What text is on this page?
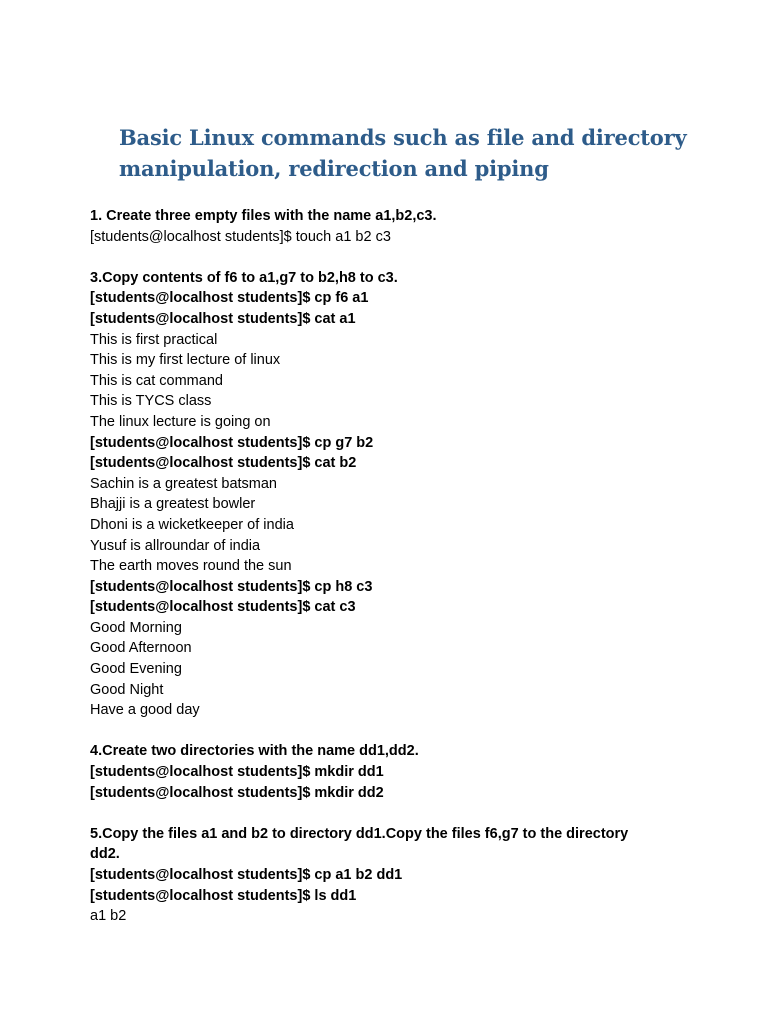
Basic Linux commands such as file and directory
manipulation, redirection and piping
1. Create three empty files with the name a1,b2,c3.
[students@localhost students]$ touch a1 b2 c3
3.Copy contents of f6 to a1,g7 to b2,h8 to c3.
[students@localhost students]$ cp f6 a1
[students@localhost students]$ cat a1
This is first practical
This is my first lecture of linux
This is cat command
This is TYCS class
The linux lecture is going on
[students@localhost students]$ cp g7 b2
[students@localhost students]$ cat b2
Sachin is a greatest batsman
Bhajji is a greatest bowler
Dhoni is a wicketkeeper of india
Yusuf is allroundar of india
The earth moves round the sun
[students@localhost students]$ cp h8 c3
[students@localhost students]$ cat c3
Good Morning
Good Afternoon
Good Evening
Good Night
Have a good day
4.Create two directories with the name dd1,dd2.
[students@localhost students]$ mkdir dd1
[students@localhost students]$ mkdir dd2
5.Copy the files a1 and b2 to directory dd1.Copy the files f6,g7 to the directory
dd2.
[students@localhost students]$ cp a1 b2 dd1
[students@localhost students]$ ls dd1
a1 b2
